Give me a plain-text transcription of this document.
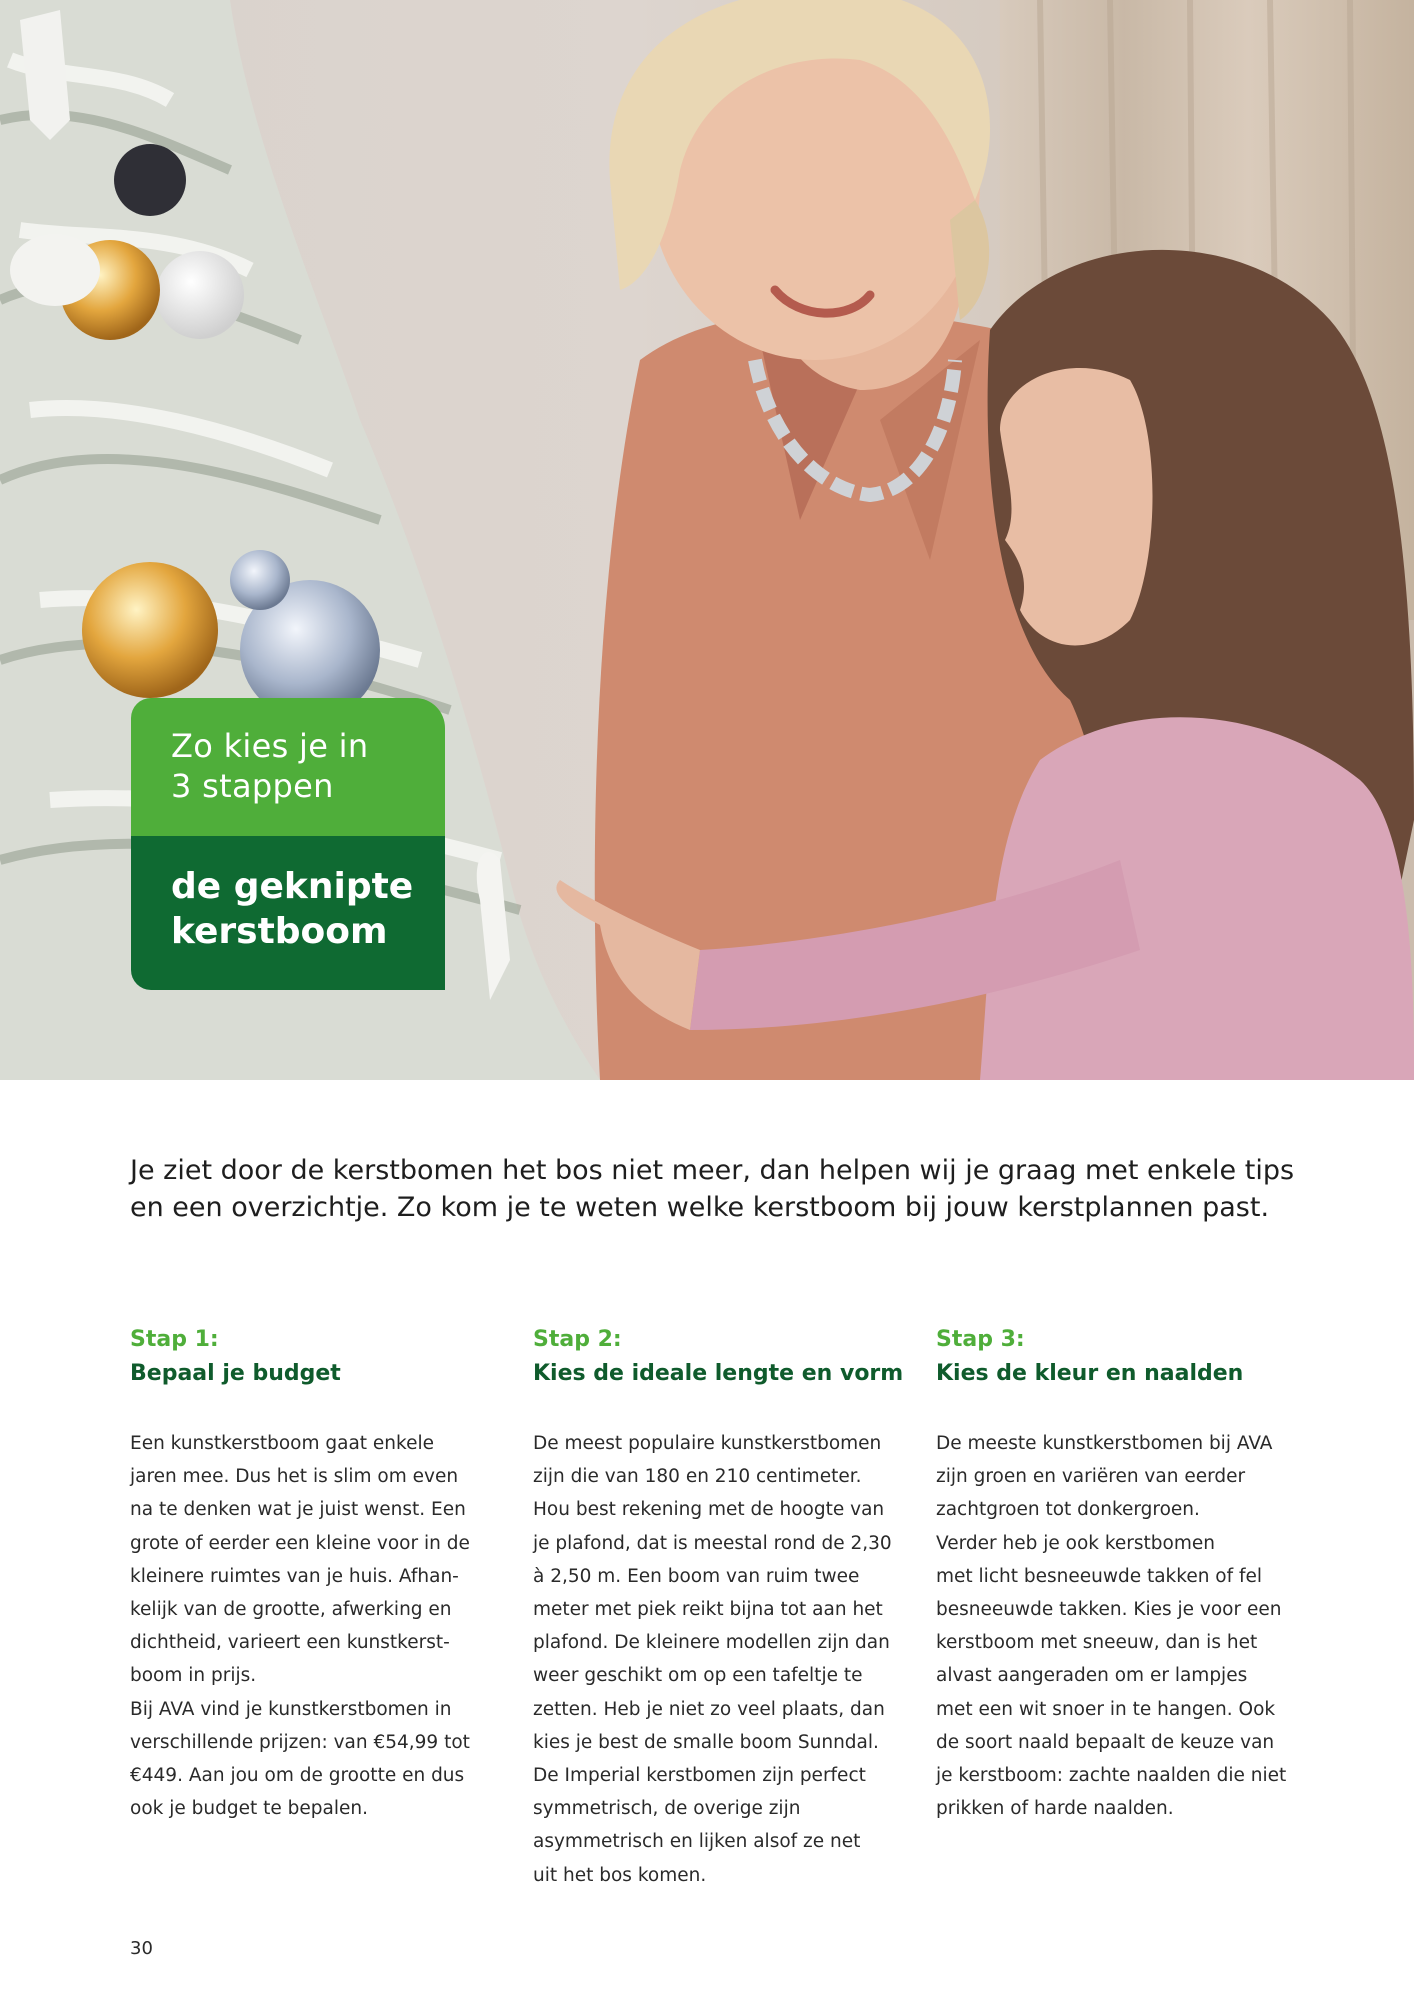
Zo kies je in
3 stappen
de geknipte
kerstboom
Je ziet door de kerstbomen het bos niet meer, dan helpen wij je graag met enkele tips en een overzichtje. Zo kom je te weten welke kerstboom bij jouw kerstplannen past.
Stap 1:
Bepaal je budget
Een kunstkerstboom gaat enkele
jaren mee. Dus het is slim om even
na te denken wat je juist wenst. Een
grote of eerder een kleine voor in de
kleinere ruimtes van je huis. Afhan-
kelijk van de grootte, afwerking en
dichtheid, varieert een kunstkerst-
boom in prijs.
Bij AVA vind je kunstkerstbomen in
verschillende prijzen: van €54,99 tot
€449. Aan jou om de grootte en dus
ook je budget te bepalen.
Stap 2:
Kies de ideale lengte en vorm
De meest populaire kunstkerstbomen
zijn die van 180 en 210 centimeter.
Hou best rekening met de hoogte van
je plafond, dat is meestal rond de 2,30
à 2,50 m. Een boom van ruim twee
meter met piek reikt bijna tot aan het
plafond. De kleinere modellen zijn dan
weer geschikt om op een tafeltje te
zetten. Heb je niet zo veel plaats, dan
kies je best de smalle boom Sunndal.
De Imperial kerstbomen zijn perfect
symmetrisch, de overige zijn
asymmetrisch en lijken alsof ze net
uit het bos komen.
Stap 3:
Kies de kleur en naalden
De meeste kunstkerstbomen bij AVA
zijn groen en variëren van eerder
zachtgroen tot donkergroen.
Verder heb je ook kerstbomen
met licht besneeuwde takken of fel
besneeuwde takken. Kies je voor een
kerstboom met sneeuw, dan is het
alvast aangeraden om er lampjes
met een wit snoer in te hangen. Ook
de soort naald bepaalt de keuze van
je kerstboom: zachte naalden die niet
prikken of harde naalden.
30
